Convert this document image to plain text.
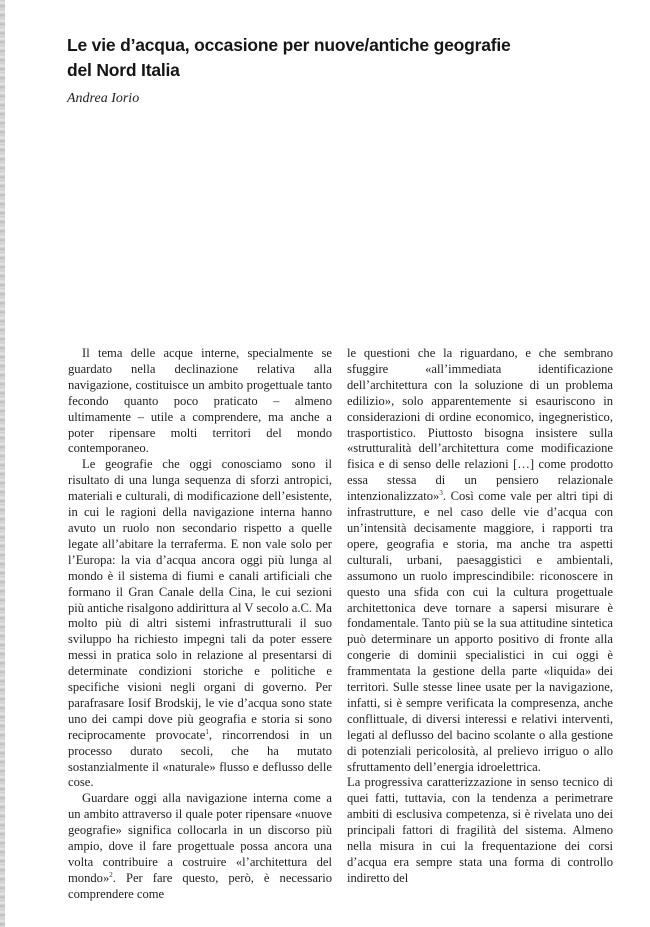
Le vie d’acqua, occasione per nuove/antiche geografie del Nord Italia

Andrea Iorio

Il tema delle acque interne, specialmente se guardato nella declinazione relativa alla navigazione, costituisce un ambito progettuale tanto fecondo quanto poco praticato – almeno ultimamente – utile a comprendere, ma anche a poter ripensare molti territori del mondo contemporaneo.

Le geografie che oggi conosciamo sono il risultato di una lunga sequenza di sforzi antropici, materiali e culturali, di modificazione dell’esistente, in cui le ragioni della navigazione interna hanno avuto un ruolo non secondario rispetto a quelle legate all’abitare la terraferma. E non vale solo per l’Europa: la via d’acqua ancora oggi più lunga al mondo è il sistema di fiumi e canali artificiali che formano il Gran Canale della Cina, le cui sezioni più antiche risalgono addirittura al V secolo a.C. Ma molto più di altri sistemi infrastrutturali il suo sviluppo ha richiesto impegni tali da poter essere messi in pratica solo in relazione al presentarsi di determinate condizioni storiche e politiche e specifiche visioni negli organi di governo. Per parafrasare Iosif Brodskij, le vie d’acqua sono state uno dei campi dove più geografia e storia si sono reciprocamente provocate$^1$, rincorrendosi in un processo durato secoli, che ha mutato sostanzialmente il «naturale» flusso e deflusso delle cose.

Guardare oggi alla navigazione interna come a un ambito attraverso il quale poter ripensare «nuove geografie» significa collocarla in un discorso più ampio, dove il fare progettuale possa ancora una volta contribuire a costruire «l’architettura del mondo»$^2$. Per fare questo, però, è necessario comprendere come

le questioni che la riguardano, e che sembrano sfuggire «all’immediata identificazione dell’architettura con la soluzione di un problema edilizio», solo apparentemente si esauriscono in considerazioni di ordine economico, ingegneristico, trasportistico. Piuttosto bisogna insistere sulla «strutturalità dell’architettura come modificazione fisica e di senso delle relazioni […] come prodotto essa stessa di un pensiero relazionale intenzionalizzato»$^3$. Così come vale per altri tipi di infrastrutture, e nel caso delle vie d’acqua con un’intensità decisamente maggiore, i rapporti tra opere, geografia e storia, ma anche tra aspetti culturali, urbani, paesaggistici e ambientali, assumono un ruolo imprescindibile: riconoscere in questo una sfida con cui la cultura progettuale architettonica deve tornare a sapersi misurare è fondamentale. Tanto più se la sua attitudine sintetica può determinare un apporto positivo di fronte alla congerie di dominii specialistici in cui oggi è frammentata la gestione della parte «liquida» dei territori. Sulle stesse linee usate per la navigazione, infatti, si è sempre verificata la compresenza, anche conflittuale, di diversi interessi e relativi interventi, legati al deflusso del bacino scolante o alla gestione di potenziali pericolosità, al prelievo irriguo o allo sfruttamento dell’energia idroelettrica.

La progressiva caratterizzazione in senso tecnico di quei fatti, tuttavia, con la tendenza a perimetrare ambiti di esclusiva competenza, si è rivelata uno dei principali fattori di fragilità del sistema. Almeno nella misura in cui la frequentazione dei corsi d’acqua era sempre stata una forma di controllo indiretto del
